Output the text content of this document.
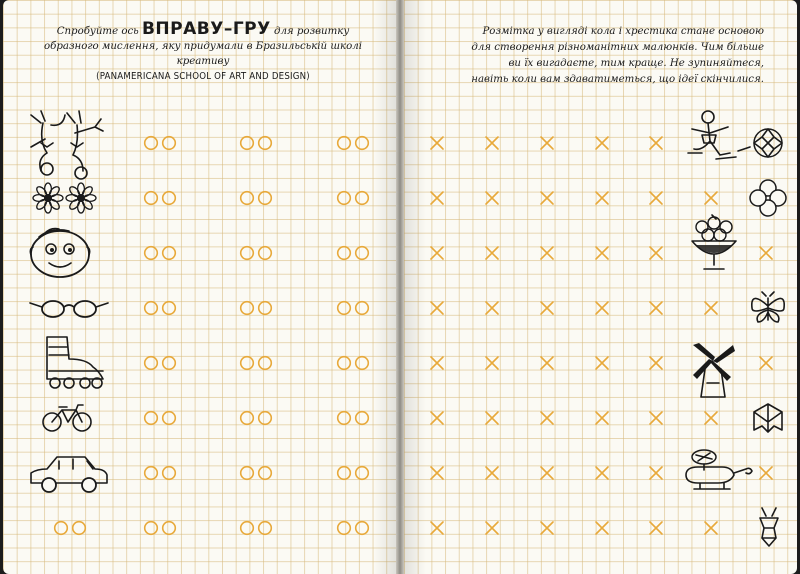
Спробуйте ось ВПРАВУ–ГРУ для розвитку образного мислення, яку придумали в Бразильській школі креативу
(PANAMERICANA SCHOOL OF ART AND DESIGN)
Розмітка у вигляді кола і хрестика стане основою
для створення різноманітних малюнків. Чим більше
ви їх вигадаєте, тим краще. Не зупиняйтеся,
навіть коли вам здаватиметься, що ідеї скінчилися.
